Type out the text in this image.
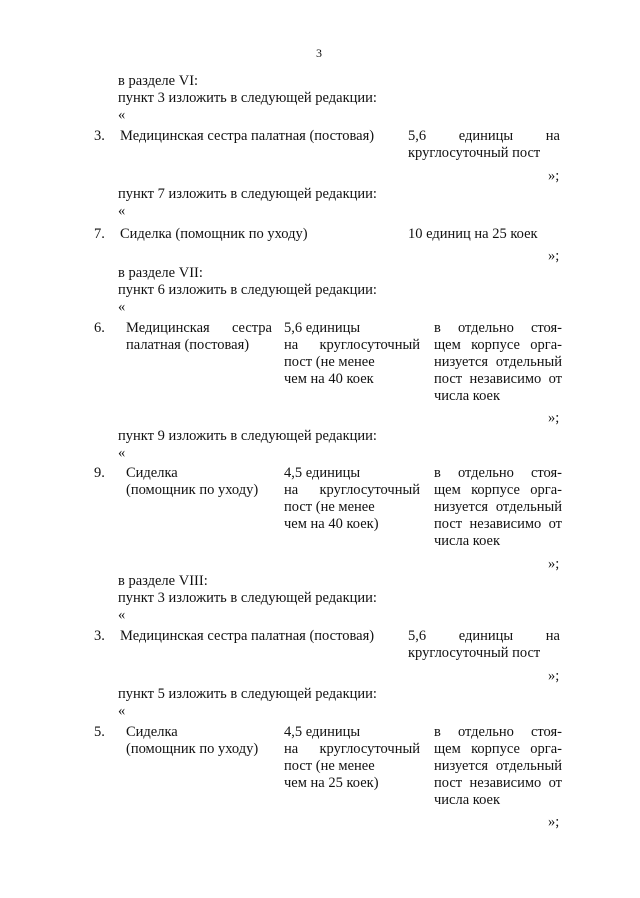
3
в разделе VI:
пункт 3 изложить в следующей редакции:
«
3. Медицинская сестра палатная (постовая) 5,6 единицы на
круглосуточный пост
»;
пункт 7 изложить в следующей редакции:
«
7. Сиделка (помощник по уходу)	10 единиц на 25 коек
»;
в разделе VII:
пункт 6 изложить в следующей редакции:
«
6. Медицинская сестра
палатная (постовая)
5,6 единицы
на круглосуточный
пост (не менее
чем на 40 коек
в отдельно стоя-
щем корпусе орга-
низуется отдельный
пост независимо от
числа коек
»;
пункт 9 изложить в следующей редакции:
«
9. Сиделка
(помощник по уходу)
4,5 единицы
на круглосуточный
пост (не менее
чем на 40 коек)
в отдельно стоя-
щем корпусе орга-
низуется отдельный
пост независимо от
числа коек
»;
в разделе VIII:
пункт 3 изложить в следующей редакции:
«
3. Медицинская сестра палатная (постовая) 5,6 единицы на
круглосуточный пост
»;
пункт 5 изложить в следующей редакции:
«
5. Сиделка
(помощник по уходу)
4,5 единицы
на круглосуточный
пост (не менее
чем на 25 коек)
в отдельно стоя-
щем корпусе орга-
низуется отдельный
пост независимо от
числа коек
»;
